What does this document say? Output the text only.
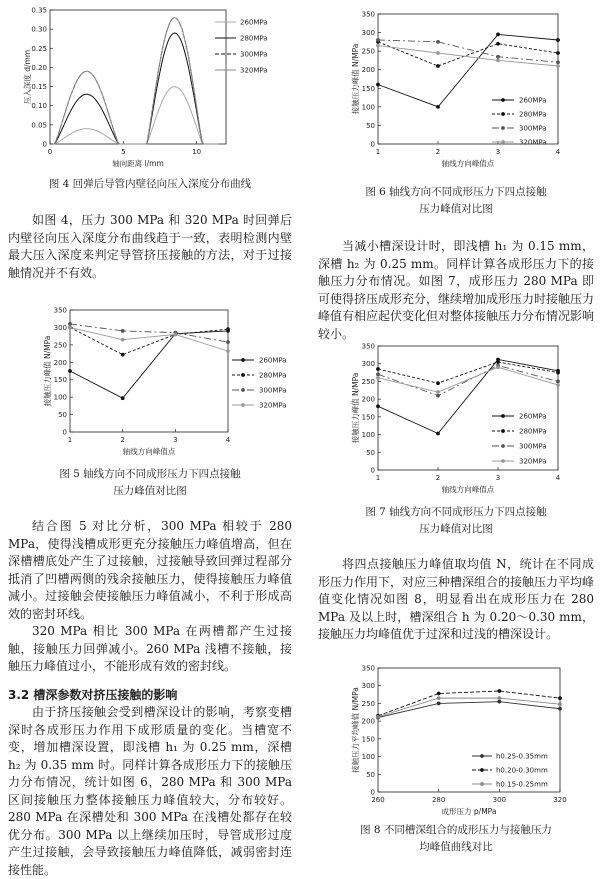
0
0.05
0.10
0.15
0.20
0.25
0.30
0.35
0	5	10
轴向距离 l/mm
压入深度 d/mm
260MPa
280MPa
300MPa
320MPa
图 4 回弹后导管内壁径向压入深度分布曲线

如图 4，压力 300 MPa 和 320 MPa 时回弹后内壁径向压入深度分布曲线趋于一致，表明检测内壁最大压入深度来判定导管挤压接触的方法，对于过接触情况并不有效。

0
50
100
150
200
250
300
350
1	2	3	4
轴线方向峰值点
接触压力峰值 N/MPa	260MPa
280MPa
300MPa
320MPa
图 5 轴线方向不同成形压力下四点接触
压力峰值对比图

结合图 5 对比分析，300 MPa 相较于 280 MPa，使得浅槽成形更充分接触压力峰值增高，但在深槽槽底处产生了过接触，过接触导致回弹过程部分抵消了凹槽两侧的残余接触压力，使得接触压力峰值减小。过接触会使接触压力峰值减小，不利于形成高效的密封环线。

320 MPa 相比 300 MPa 在两槽都产生过接触，接触压力回弹减小。260 MPa 浅槽不接触，接触压力峰值过小，不能形成有效的密封线。

3.2 槽深参数对挤压接触的影响

由于挤压接触会受到槽深设计的影响，考察变槽深时各成形压力作用下成形质量的变化。当槽宽不变，增加槽深设置，即浅槽 h₁ 为 0.25 mm，深槽 h₂ 为 0.35 mm 时。同样计算各成形压力下的接触压力分布情况，统计如图 6，280 MPa 和 300 MPa 区间接触压力整体接触压力峰值较大，分布较好。280 MPa 在深槽处和 300 MPa 在浅槽处都存在较优分布。300 MPa 以上继续加压时，导管成形过度产生过接触，会导致接触压力峰值降低，减弱密封连接性能。

0
50
100
150
200
250
300
350
1	2	3	4
轴线方向峰值点
接触压力峰值 N/MPa	260MPa
280MPa
300MPa
320MPa
图 6 轴线方向不同成形压力下四点接触
压力峰值对比图

当减小槽深设计时，即浅槽 h₁ 为 0.15 mm，深槽 h₂ 为 0.25 mm。同样计算各成形压力下的接触压力分布情况。如图 7，成形压力 280 MPa 即可使得挤压成形充分，继续增加成形压力时接触压力峰值有相应起伏变化但对整体接触压力分布情况影响较小。

0
50
100
150
200
250
300
350
1	2	3	4
轴线方向峰值点
接触压力峰值 N/MPa	260MPa
280MPa
300MPa
320MPa
图 7 轴线方向不同成形压力下四点接触
压力峰值对比图

将四点接触压力峰值取均值 N，统计在不同成形压力作用下，对应三种槽深组合的接触压力平均峰值变化情况如图 8，明显看出在成形压力在 280 MPa 及以上时，槽深组合 h 为 0.20～0.30 mm，接触压力均峰值优于过深和过浅的槽深设计。

0
50
100
150
200
250
300
350
260	280	300	320
成形压力 p/MPa
接触压力平均峰值 N/MPa	h0.25-0.35mm
h0.20-0.30mm
h0.15-0.25mm
图 8 不同槽深组合的成形压力与接触压力
均峰值曲线对比
